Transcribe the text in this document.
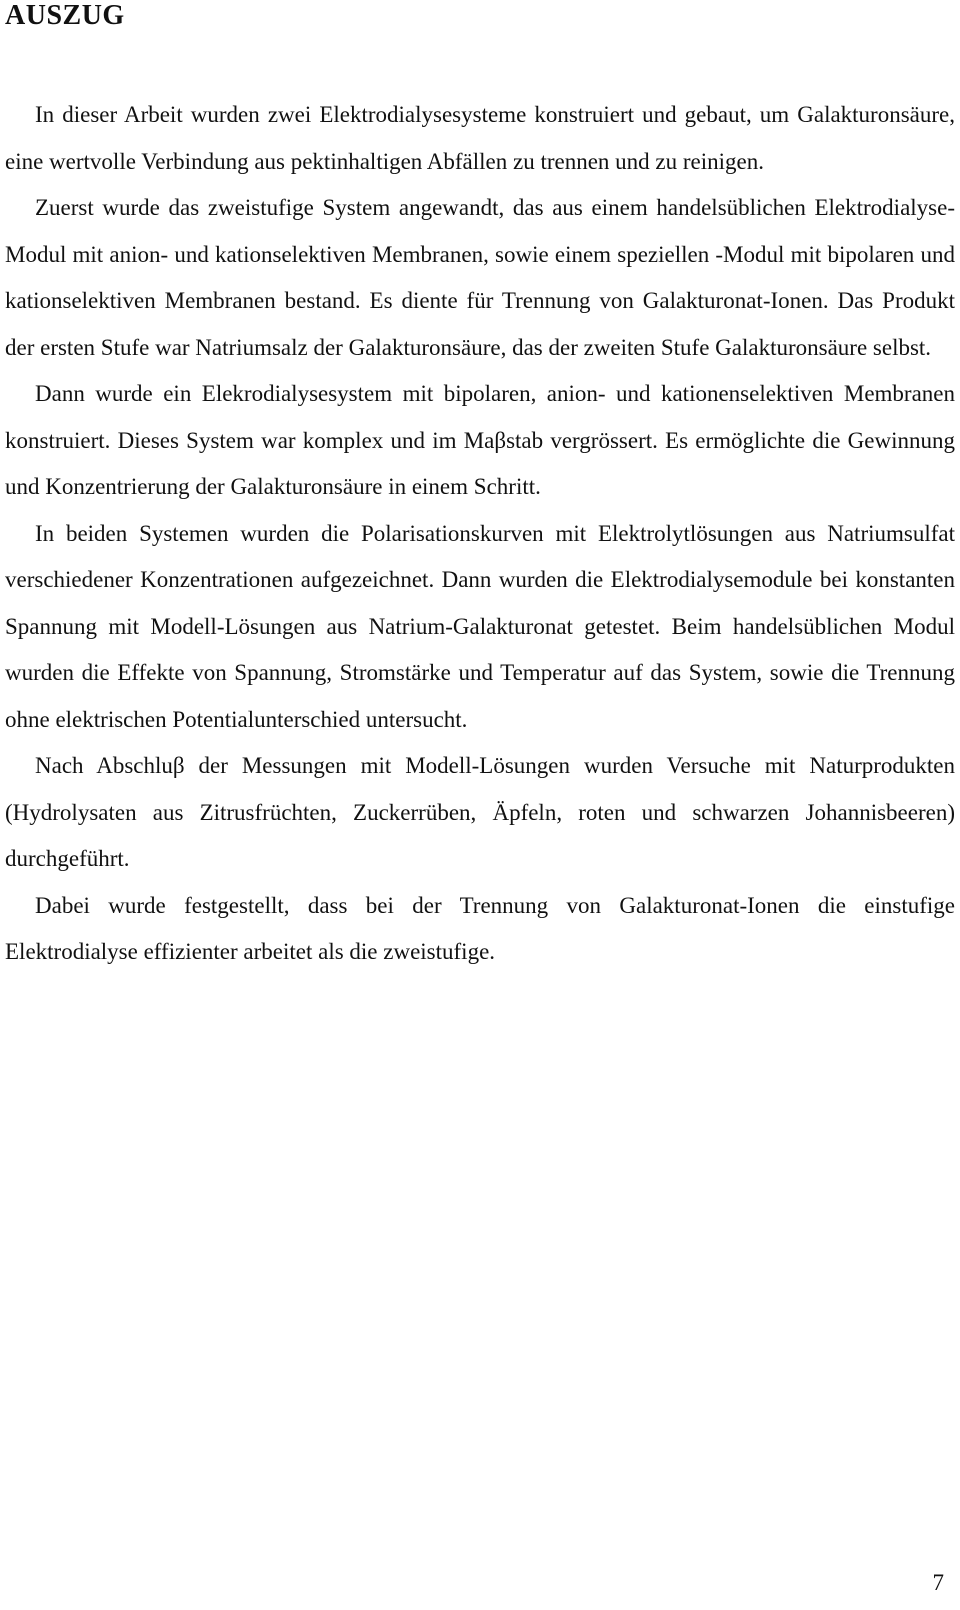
AUSZUG

In dieser Arbeit wurden zwei Elektrodialysesysteme konstruiert und gebaut, um Galakturonsäure, eine wertvolle Verbindung aus pektinhaltigen Abfällen zu trennen und zu reinigen.

Zuerst wurde das zweistufige System angewandt, das aus einem handelsüblichen Elektrodialyse-Modul mit anion- und kationselektiven Membranen, sowie einem speziellen -Modul mit bipolaren und kationselektiven Membranen bestand. Es diente für Trennung von Galakturonat-Ionen. Das Produkt der ersten Stufe war Natriumsalz der Galakturonsäure, das der zweiten Stufe Galakturonsäure selbst.

Dann wurde ein Elekrodialysesystem mit bipolaren, anion- und kationenselektiven Membranen konstruiert. Dieses System war komplex und im Maβstab vergrössert. Es ermöglichte die Gewinnung und Konzentrierung der Galakturonsäure in einem Schritt.

In beiden Systemen wurden die Polarisationskurven mit Elektrolytlösungen aus Natriumsulfat verschiedener Konzentrationen aufgezeichnet. Dann wurden die Elektrodialysemodule bei konstanten Spannung mit Modell-Lösungen aus Natrium-Galakturonat getestet. Beim handelsüblichen Modul wurden die Effekte von Spannung, Stromstärke und Temperatur auf das System, sowie die Trennung ohne elektrischen Potentialunterschied untersucht.

Nach Abschluβ der Messungen mit Modell-Lösungen wurden Versuche mit Naturprodukten (Hydrolysaten aus Zitrusfrüchten, Zuckerrüben, Äpfeln, roten und schwarzen Johannisbeeren) durchgeführt.

Dabei wurde festgestellt, dass bei der Trennung von Galakturonat-Ionen die einstufige Elektrodialyse effizienter arbeitet als die zweistufige.

7
